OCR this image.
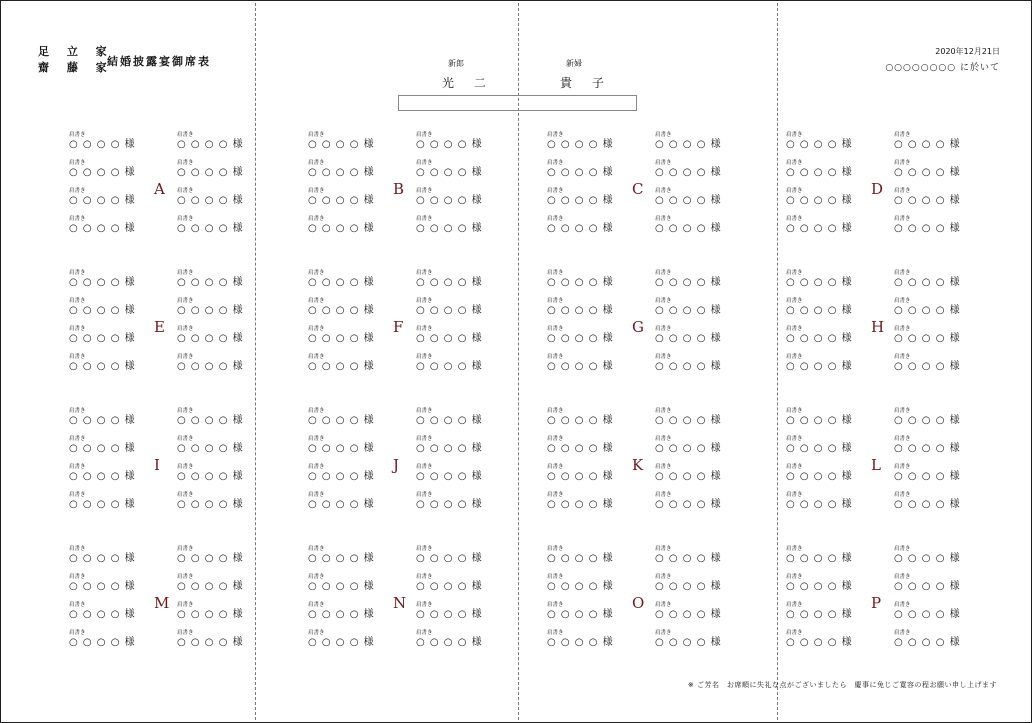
足 立 家
齋 藤 家
結婚披露宴御席表	新郎
光 二
新婦
貴 子
2020年12月21日
○○○○○○○○ に於いて
A
肩書き
○ ○ ○ ○ 様
肩書き
○ ○ ○ ○ 様
肩書き
○ ○ ○ ○ 様
肩書き
○ ○ ○ ○ 様
肩書き
○ ○ ○ ○ 様
肩書き
○ ○ ○ ○ 様
肩書き
○ ○ ○ ○ 様
肩書き
○ ○ ○ ○ 様
B
肩書き
○ ○ ○ ○ 様
肩書き
○ ○ ○ ○ 様
肩書き
○ ○ ○ ○ 様
肩書き
○ ○ ○ ○ 様
肩書き
○ ○ ○ ○ 様
肩書き
○ ○ ○ ○ 様
肩書き
○ ○ ○ ○ 様
肩書き
○ ○ ○ ○ 様
C
肩書き
○ ○ ○ ○ 様
肩書き
○ ○ ○ ○ 様
肩書き
○ ○ ○ ○ 様
肩書き
○ ○ ○ ○ 様
肩書き
○ ○ ○ ○ 様
肩書き
○ ○ ○ ○ 様
肩書き
○ ○ ○ ○ 様
肩書き
○ ○ ○ ○ 様
D
肩書き
○ ○ ○ ○ 様
肩書き
○ ○ ○ ○ 様
肩書き
○ ○ ○ ○ 様
肩書き
○ ○ ○ ○ 様
肩書き
○ ○ ○ ○ 様
肩書き
○ ○ ○ ○ 様
肩書き
○ ○ ○ ○ 様
肩書き
○ ○ ○ ○ 様
E
肩書き
○ ○ ○ ○ 様
肩書き
○ ○ ○ ○ 様
肩書き
○ ○ ○ ○ 様
肩書き
○ ○ ○ ○ 様
肩書き
○ ○ ○ ○ 様
肩書き
○ ○ ○ ○ 様
肩書き
○ ○ ○ ○ 様
肩書き
○ ○ ○ ○ 様
F
肩書き
○ ○ ○ ○ 様
肩書き
○ ○ ○ ○ 様
肩書き
○ ○ ○ ○ 様
肩書き
○ ○ ○ ○ 様
肩書き
○ ○ ○ ○ 様
肩書き
○ ○ ○ ○ 様
肩書き
○ ○ ○ ○ 様
肩書き
○ ○ ○ ○ 様
G
肩書き
○ ○ ○ ○ 様
肩書き
○ ○ ○ ○ 様
肩書き
○ ○ ○ ○ 様
肩書き
○ ○ ○ ○ 様
肩書き
○ ○ ○ ○ 様
肩書き
○ ○ ○ ○ 様
肩書き
○ ○ ○ ○ 様
肩書き
○ ○ ○ ○ 様
H
肩書き
○ ○ ○ ○ 様
肩書き
○ ○ ○ ○ 様
肩書き
○ ○ ○ ○ 様
肩書き
○ ○ ○ ○ 様
肩書き
○ ○ ○ ○ 様
肩書き
○ ○ ○ ○ 様
肩書き
○ ○ ○ ○ 様
肩書き
○ ○ ○ ○ 様
I
肩書き
○ ○ ○ ○ 様
肩書き
○ ○ ○ ○ 様
肩書き
○ ○ ○ ○ 様
肩書き
○ ○ ○ ○ 様
肩書き
○ ○ ○ ○ 様
肩書き
○ ○ ○ ○ 様
肩書き
○ ○ ○ ○ 様
肩書き
○ ○ ○ ○ 様
J
肩書き
○ ○ ○ ○ 様
肩書き
○ ○ ○ ○ 様
肩書き
○ ○ ○ ○ 様
肩書き
○ ○ ○ ○ 様
肩書き
○ ○ ○ ○ 様
肩書き
○ ○ ○ ○ 様
肩書き
○ ○ ○ ○ 様
肩書き
○ ○ ○ ○ 様
K
肩書き
○ ○ ○ ○ 様
肩書き
○ ○ ○ ○ 様
肩書き
○ ○ ○ ○ 様
肩書き
○ ○ ○ ○ 様
肩書き
○ ○ ○ ○ 様
肩書き
○ ○ ○ ○ 様
肩書き
○ ○ ○ ○ 様
肩書き
○ ○ ○ ○ 様
L
肩書き
○ ○ ○ ○ 様
肩書き
○ ○ ○ ○ 様
肩書き
○ ○ ○ ○ 様
肩書き
○ ○ ○ ○ 様
肩書き
○ ○ ○ ○ 様
肩書き
○ ○ ○ ○ 様
肩書き
○ ○ ○ ○ 様
肩書き
○ ○ ○ ○ 様
M
肩書き
○ ○ ○ ○ 様
肩書き
○ ○ ○ ○ 様
肩書き
○ ○ ○ ○ 様
肩書き
○ ○ ○ ○ 様
肩書き
○ ○ ○ ○ 様
肩書き
○ ○ ○ ○ 様
肩書き
○ ○ ○ ○ 様
肩書き
○ ○ ○ ○ 様
N
肩書き
○ ○ ○ ○ 様
肩書き
○ ○ ○ ○ 様
肩書き
○ ○ ○ ○ 様
肩書き
○ ○ ○ ○ 様
肩書き
○ ○ ○ ○ 様
肩書き
○ ○ ○ ○ 様
肩書き
○ ○ ○ ○ 様
肩書き
○ ○ ○ ○ 様
O
肩書き
○ ○ ○ ○ 様
肩書き
○ ○ ○ ○ 様
肩書き
○ ○ ○ ○ 様
肩書き
○ ○ ○ ○ 様
肩書き
○ ○ ○ ○ 様
肩書き
○ ○ ○ ○ 様
肩書き
○ ○ ○ ○ 様
肩書き
○ ○ ○ ○ 様
P
肩書き
○ ○ ○ ○ 様
肩書き
○ ○ ○ ○ 様
肩書き
○ ○ ○ ○ 様
肩書き
○ ○ ○ ○ 様
肩書き
○ ○ ○ ○ 様
肩書き
○ ○ ○ ○ 様
肩書き
○ ○ ○ ○ 様
肩書き
○ ○ ○ ○ 様
※ ご芳名　お席順に失礼な点がございましたら　慶事に免じご寛容の程お願い申し上げます
